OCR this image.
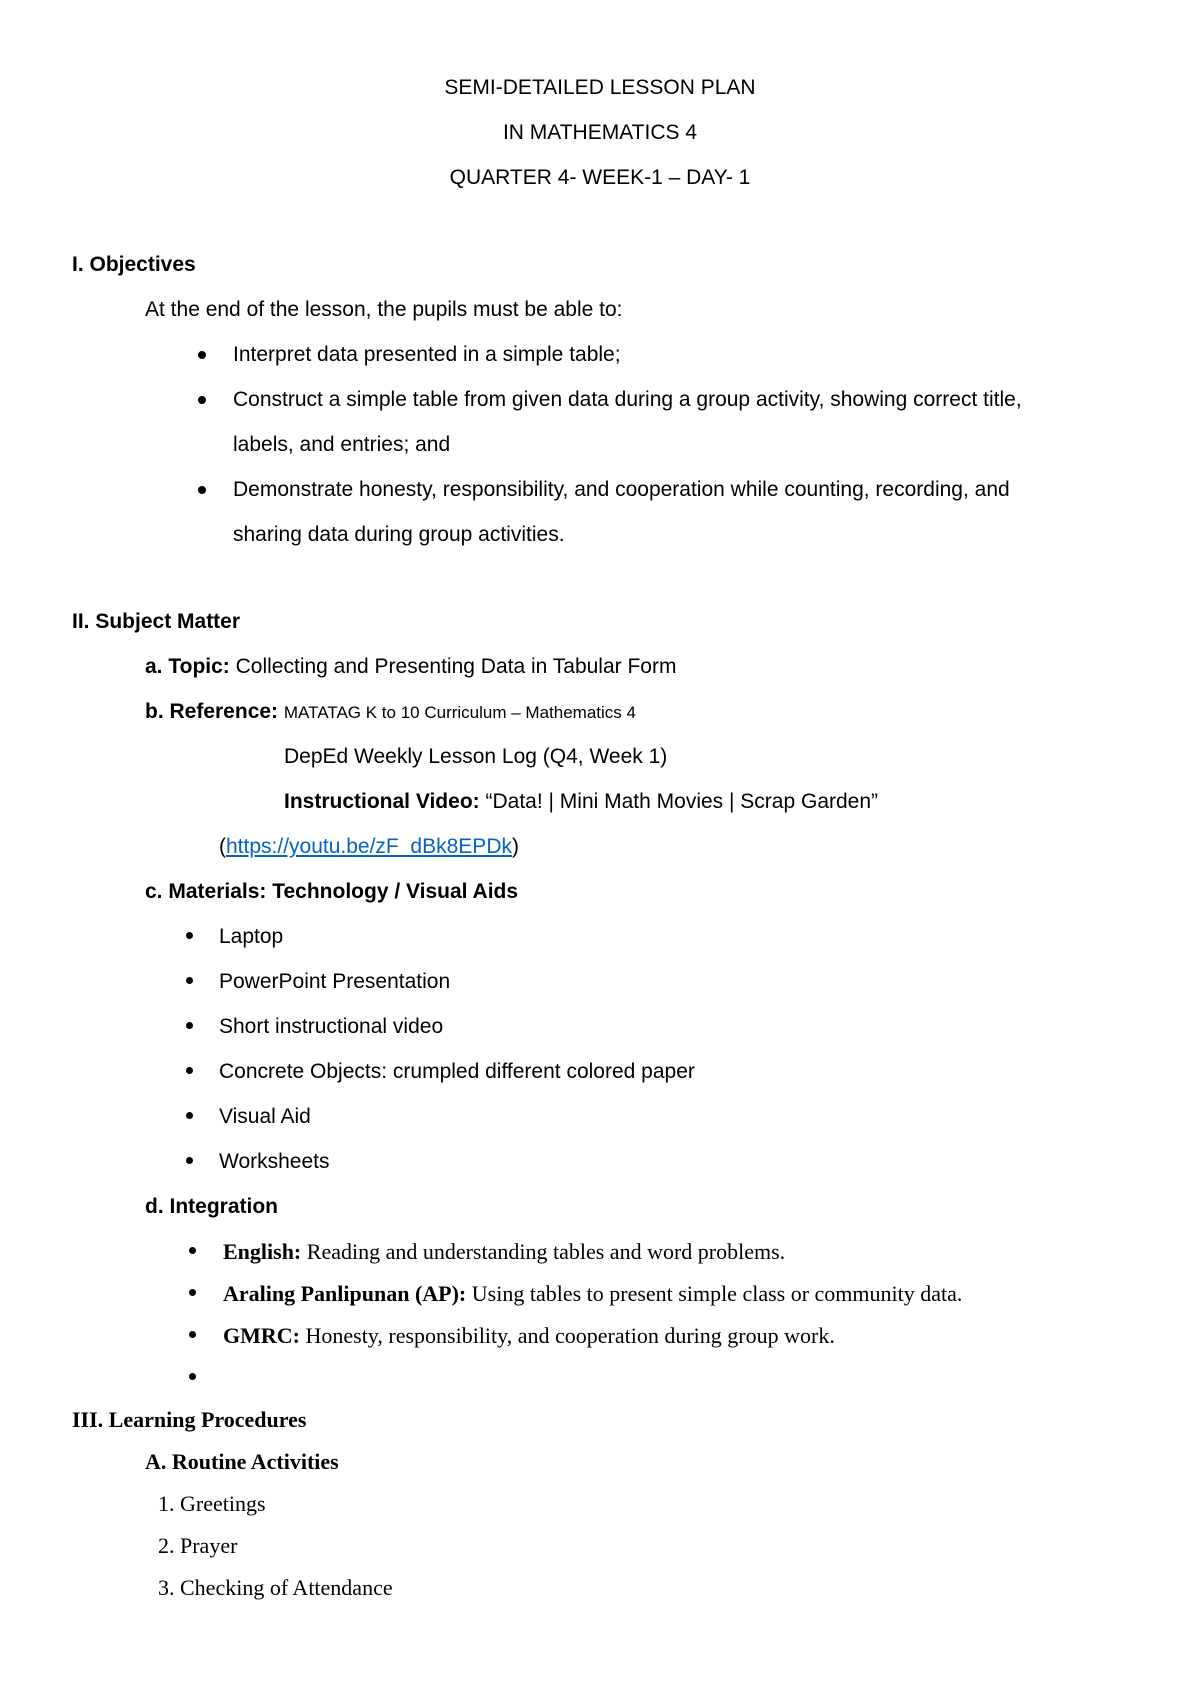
SEMI-DETAILED LESSON PLAN
IN MATHEMATICS 4
QUARTER 4- WEEK-1 – DAY- 1
I. Objectives
At the end of the lesson, the pupils must be able to:
Interpret data presented in a simple table;
Construct a simple table from given data during a group activity, showing correct title,
labels, and entries; and
Demonstrate honesty, responsibility, and cooperation while counting, recording, and
sharing data during group activities.
II. Subject Matter
a. Topic: Collecting and Presenting Data in Tabular Form
b. Reference: MATATAG K to 10 Curriculum – Mathematics 4
DepEd Weekly Lesson Log (Q4, Week 1)
Instructional Video: “Data! | Mini Math Movies | Scrap Garden”
(https://youtu.be/zF_dBk8EPDk)
c. Materials: Technology / Visual Aids
Laptop
PowerPoint Presentation
Short instructional video
Concrete Objects: crumpled different colored paper
Visual Aid
Worksheets
d. Integration
English: Reading and understanding tables and word problems.
Araling Panlipunan (AP): Using tables to present simple class or community data.
GMRC: Honesty, responsibility, and cooperation during group work.
III. Learning Procedures
A. Routine Activities
1. Greetings
2. Prayer
3. Checking of Attendance
